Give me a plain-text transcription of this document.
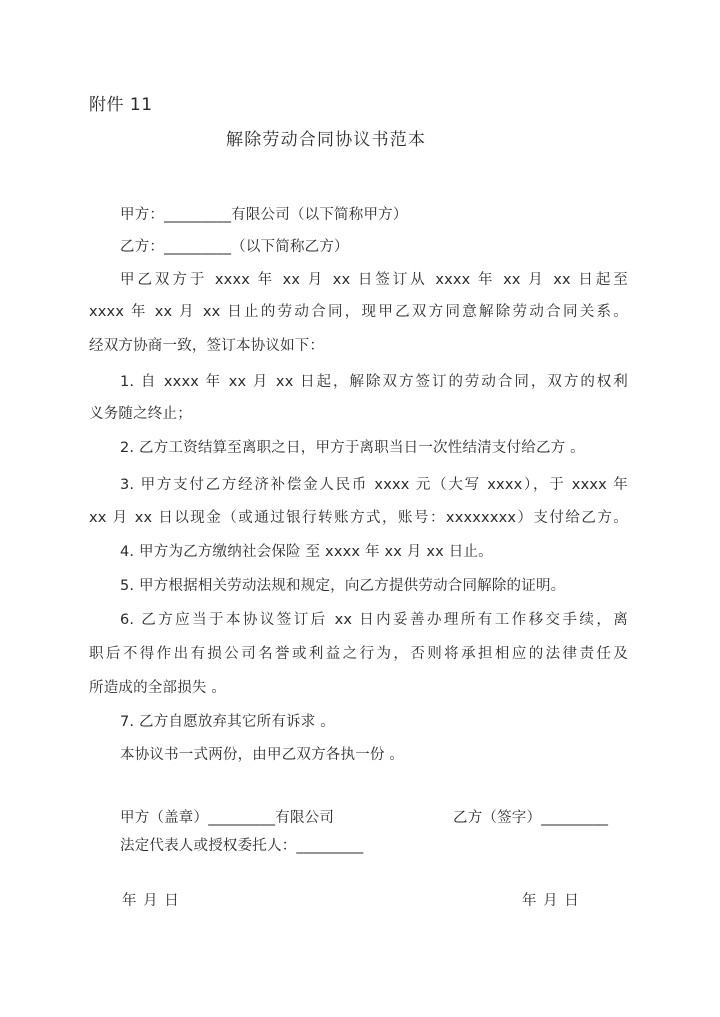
附件 11
解除劳动合同协议书范本
甲方：_________有限公司（以下简称甲方）
乙方：_________（以下简称乙方）
甲乙双方于 xxxx 年 xx 月 xx 日签订从 xxxx 年 xx 月 xx 日起至
xxxx 年 xx 月 xx 日止的劳动合同，现甲乙双方同意解除劳动合同关系。
经双方协商一致，签订本协议如下：
1. 自 xxxx 年 xx 月 xx 日起，解除双方签订的劳动合同，双方的权利
义务随之终止；
2. 乙方工资结算至离职之日，甲方于离职当日一次性结清支付给乙方 。
3. 甲方支付乙方经济补偿金人民币 xxxx 元（大写 xxxx），于 xxxx 年
xx 月 xx 日以现金（或通过银行转账方式，账号：xxxxxxxx）支付给乙方。
4. 甲方为乙方缴纳社会保险 至 xxxx 年 xx 月 xx 日止。
5. 甲方根据相关劳动法规和规定，向乙方提供劳动合同解除的证明。
6. 乙方应当于本协议签订后 xx 日内妥善办理所有工作移交手续，离
职后不得作出有损公司名誉或利益之行为，否则将承担相应的法律责任及
所造成的全部损失 。
7. 乙方自愿放弃其它所有诉求 。
本协议书一式两份，由甲乙双方各执一份 。
甲方（盖章）_________有限公司	乙方（签字）_________
法定代表人或授权委托人：_________
年 月 日	年 月 日
